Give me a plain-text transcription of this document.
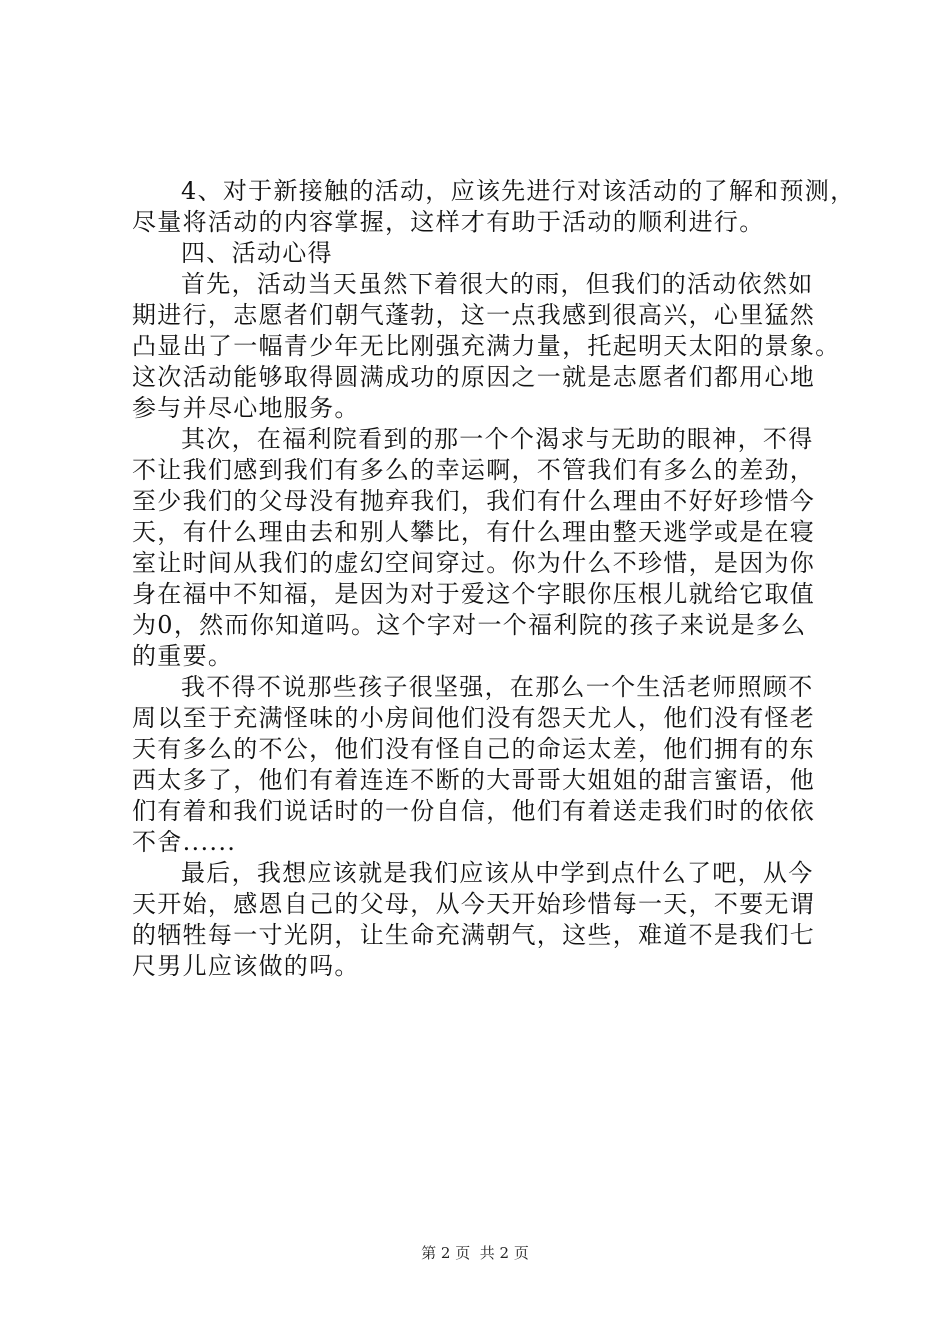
4、对于新接触的活动，应该先进行对该活动的了解和预测，
尽量将活动的内容掌握，这样才有助于活动的顺利进行。
四、活动心得
首先，活动当天虽然下着很大的雨，但我们的活动依然如
期进行，志愿者们朝气蓬勃，这一点我感到很高兴，心里猛然
凸显出了一幅青少年无比刚强充满力量，托起明天太阳的景象。
这次活动能够取得圆满成功的原因之一就是志愿者们都用心地
参与并尽心地服务。
其次，在福利院看到的那一个个渴求与无助的眼神，不得
不让我们感到我们有多么的幸运啊，不管我们有多么的差劲，
至少我们的父母没有抛弃我们，我们有什么理由不好好珍惜今
天，有什么理由去和别人攀比，有什么理由整天逃学或是在寝
室让时间从我们的虚幻空间穿过。你为什么不珍惜，是因为你
身在福中不知福，是因为对于爱这个字眼你压根儿就给它取值
为0，然而你知道吗。这个字对一个福利院的孩子来说是多么
的重要。
我不得不说那些孩子很坚强，在那么一个生活老师照顾不
周以至于充满怪味的小房间他们没有怨天尤人，他们没有怪老
天有多么的不公，他们没有怪自己的命运太差，他们拥有的东
西太多了，他们有着连连不断的大哥哥大姐姐的甜言蜜语，他
们有着和我们说话时的一份自信，他们有着送走我们时的依依
不舍......
最后，我想应该就是我们应该从中学到点什么了吧，从今
天开始，感恩自己的父母，从今天开始珍惜每一天，不要无谓
的牺牲每一寸光阴，让生命充满朝气，这些，难道不是我们七
尺男儿应该做的吗。
第 2 页  共 2 页
